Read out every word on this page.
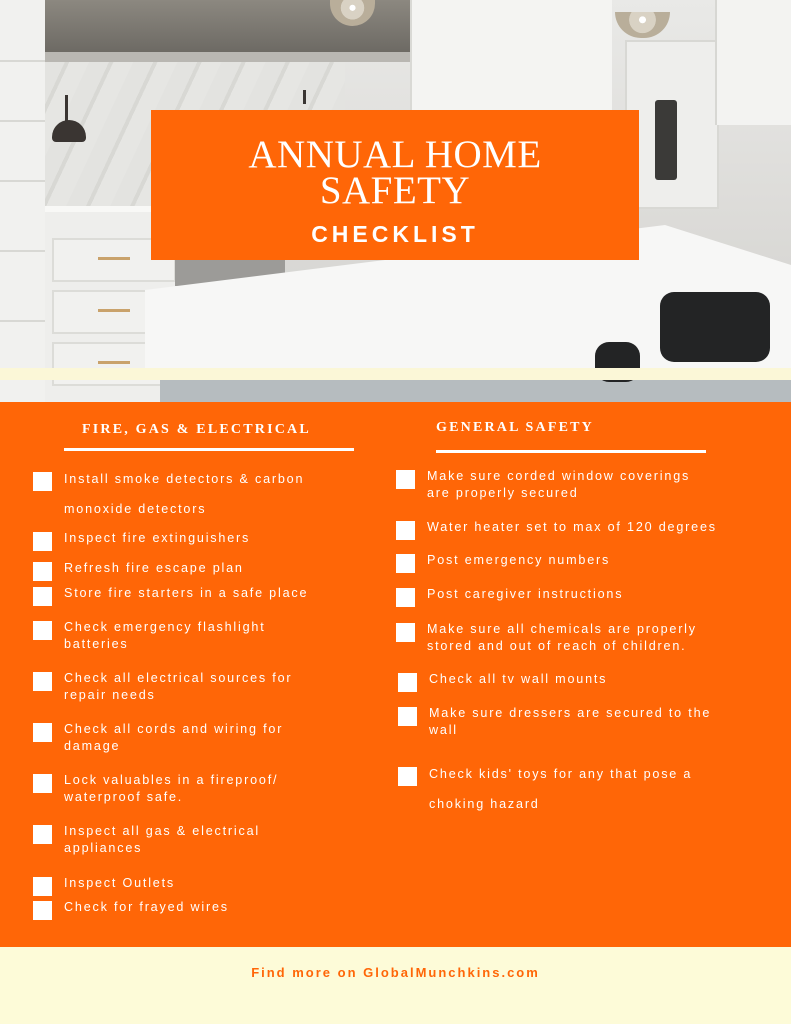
ANNUAL HOME
SAFETY
CHECKLIST
FIRE, GAS & ELECTRICAL
Install smoke detectors & carbon
monoxide detectors
Inspect fire extinguishers
Refresh fire escape plan
Store fire starters in a safe place
Check emergency flashlight
batteries
Check all electrical sources for
repair needs
Check all cords and wiring for
damage
Lock valuables in a fireproof/
waterproof safe.
Inspect all gas & electrical
appliances
Inspect Outlets
Check for frayed wires
GENERAL SAFETY
Make sure corded window coverings
are properly secured
Water heater set to max of 120 degrees
Post emergency numbers
Post caregiver instructions
Make sure all chemicals are properly
stored and out of reach of children.
Check all tv wall mounts
Make sure dressers are secured to the
wall
Check kids' toys for any that pose a
choking hazard
Find more on GlobalMunchkins.com
